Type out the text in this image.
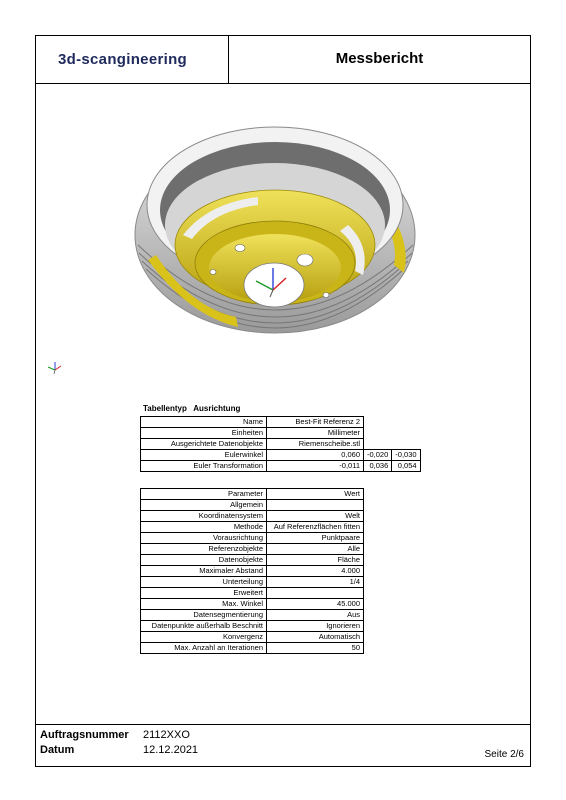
3d-scangineering	Messbericht
Auftragsnummer 2112XXO
Datum	12.12.2021	Seite 2/6
Tabellentyp   Ausrichtung
Name	Best-Fit Referenz 2		
Einheiten	Millimeter		
Ausgerichtete Datenobjekte	Riemenscheibe.stl		
Eulerwinkel	0,060	-0,020	-0,030
Euler Transformation	-0,011	0,036	0,054
Parameter	Wert
Allgemein	
Koordinatensystem	Welt
Methode	Auf Referenzflächen fitten
Vorausrichtung	Punktpaare
Referenzobjekte	Alle
Datenobjekte	Fläche
Maximaler Abstand	4.000
Unterteilung	1/4
Erweitert	
Max. Winkel	45.000
Datensegmentierung	Aus
Datenpunkte außerhalb Beschnitt	Ignorieren
Konvergenz	Automatisch
Max. Anzahl an Iterationen	50
